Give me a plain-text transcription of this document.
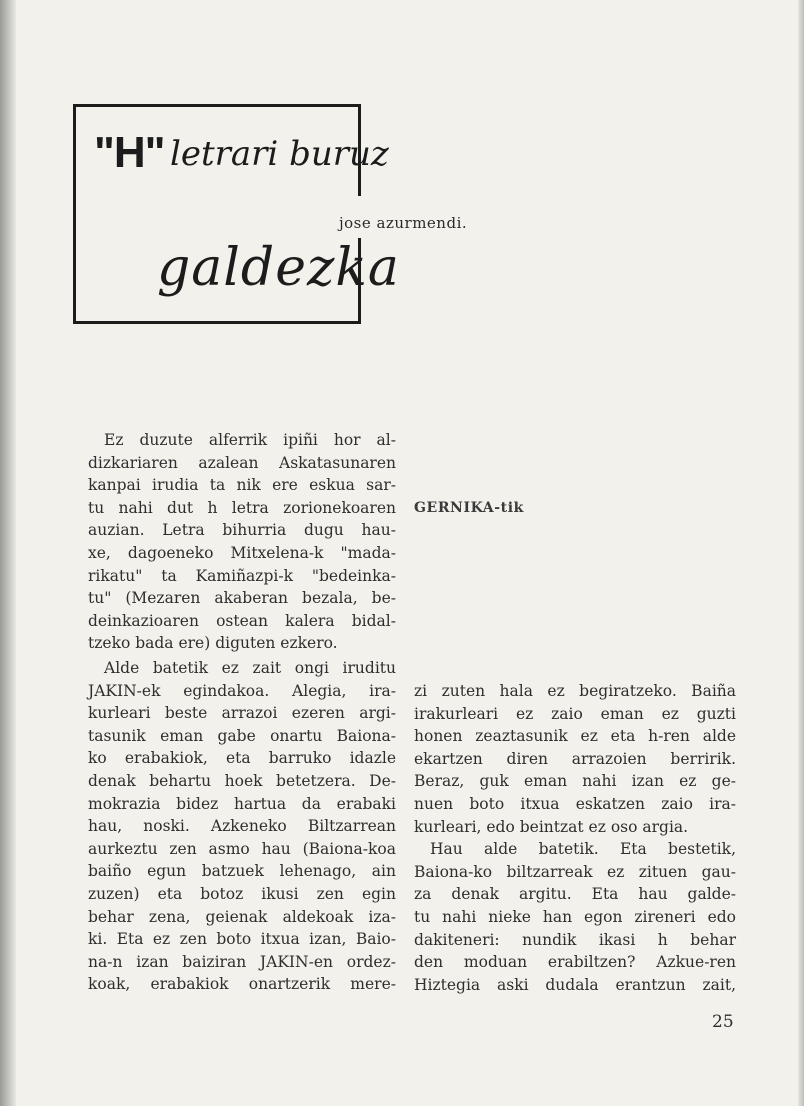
"H" letrari buruz
galdezka
jose azurmendi.
Ez duzute alferrik ipiñi hor al-
dizkariaren azalean Askatasunaren
kanpai irudia ta nik ere eskua sar-
tu nahi dut h letra zorionekoaren
auzian. Letra bihurria dugu hau-
xe, dagoeneko Mitxelena-k "mada-
rikatu" ta Kamiñazpi-k "bedeinka-
tu" (Mezaren akaberan bezala, be-
deinkazioaren ostean kalera bidal-
tzeko bada ere) diguten ezkero.
GERNIKA-tik
Alde batetik ez zait ongi iruditu
JAKIN-ek egindakoa. Alegia, ira-
kurleari beste arrazoi ezeren argi-
tasunik eman gabe onartu Baiona-
ko erabakiok, eta barruko idazle
denak behartu hoek betetzera. De-
mokrazia bidez hartua da erabaki
hau, noski. Azkeneko Biltzarrean
aurkeztu zen asmo hau (Baiona-koa
baiño egun batzuek lehenago, ain
zuzen) eta botoz ikusi zen egin
behar zena, geienak aldekoak iza-
ki. Eta ez zen boto itxua izan, Baio-
na-n izan baiziran JAKIN-en ordez-
koak, erabakiok onartzerik mere-
zi zuten hala ez begiratzeko. Baiña
irakurleari ez zaio eman ez guzti
honen zeaztasunik ez eta h-ren alde
ekartzen diren arrazoien berririk.
Beraz, guk eman nahi izan ez ge-
nuen boto itxua eskatzen zaio ira-
kurleari, edo beintzat ez oso argia.
Hau alde batetik. Eta bestetik,
Baiona-ko biltzarreak ez zituen gau-
za denak argitu. Eta hau galde-
tu nahi nieke han egon zireneri edo
dakiteneri: nundik ikasi h behar
den moduan erabiltzen? Azkue-ren
Hiztegia aski dudala erantzun zait,
25
